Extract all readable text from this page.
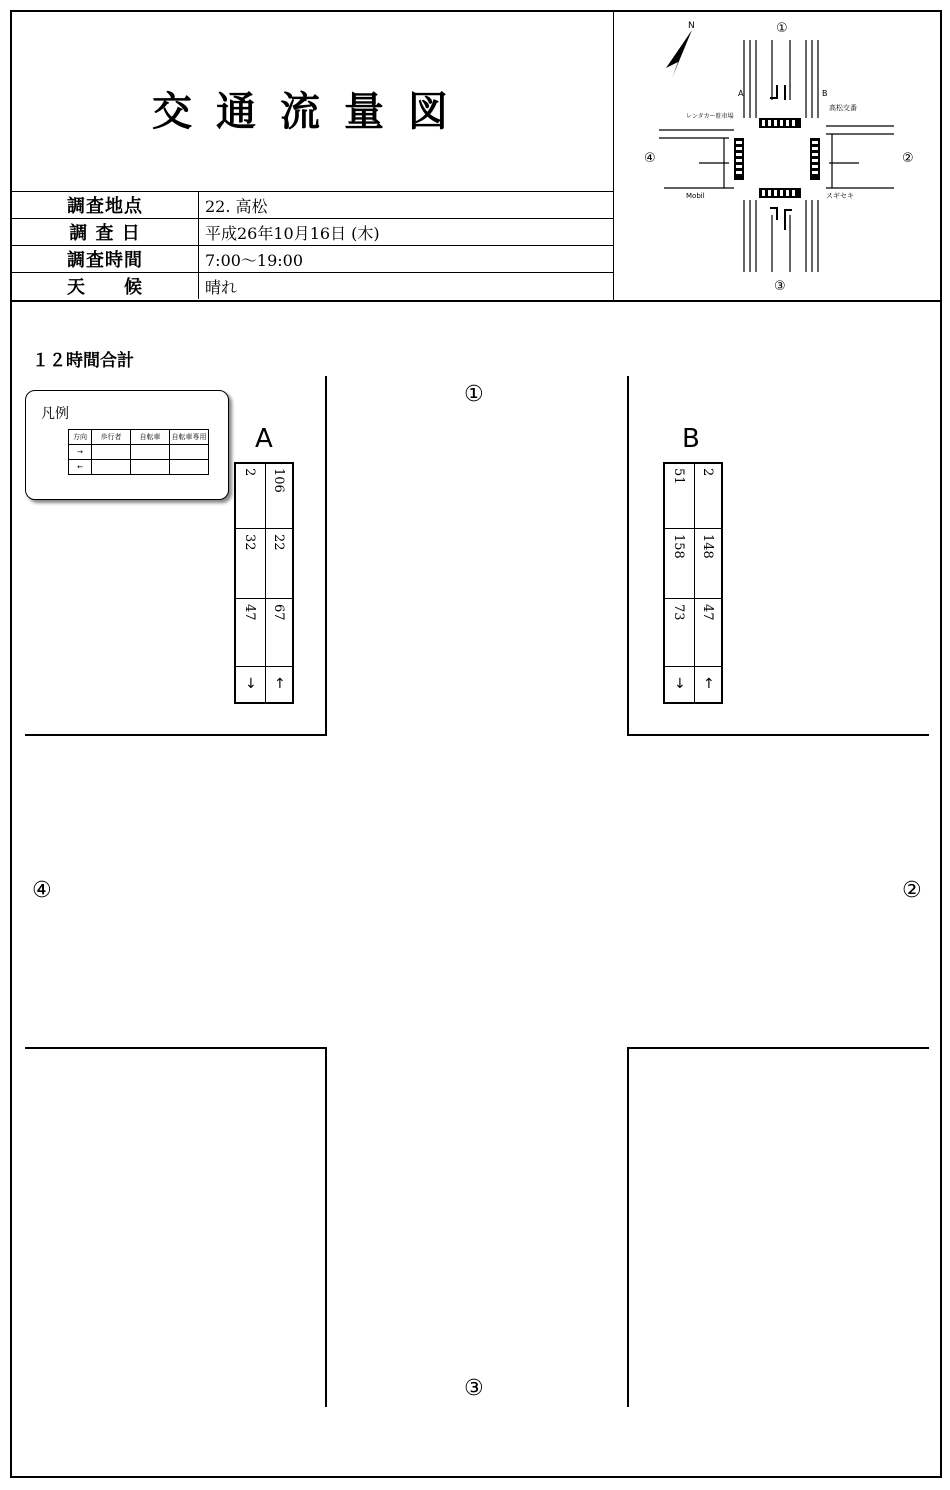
交通流量図
調査地点	22. 高松
調 査 日	平成26年10月16日 (木)
調査時間	7:00～19:00
天　　候	晴れ
N	①
②
③
④
A	B
レンタカー駐車場
高松交番
Mobil	スギセキ
１２時間合計
①
②
③
④
凡例
方向	歩行者	自転車	自転車専用
→			
←			
A
2 106
32 22
47 67
↓ ↑
B
51 2
158 148
73 47
↓ ↑
